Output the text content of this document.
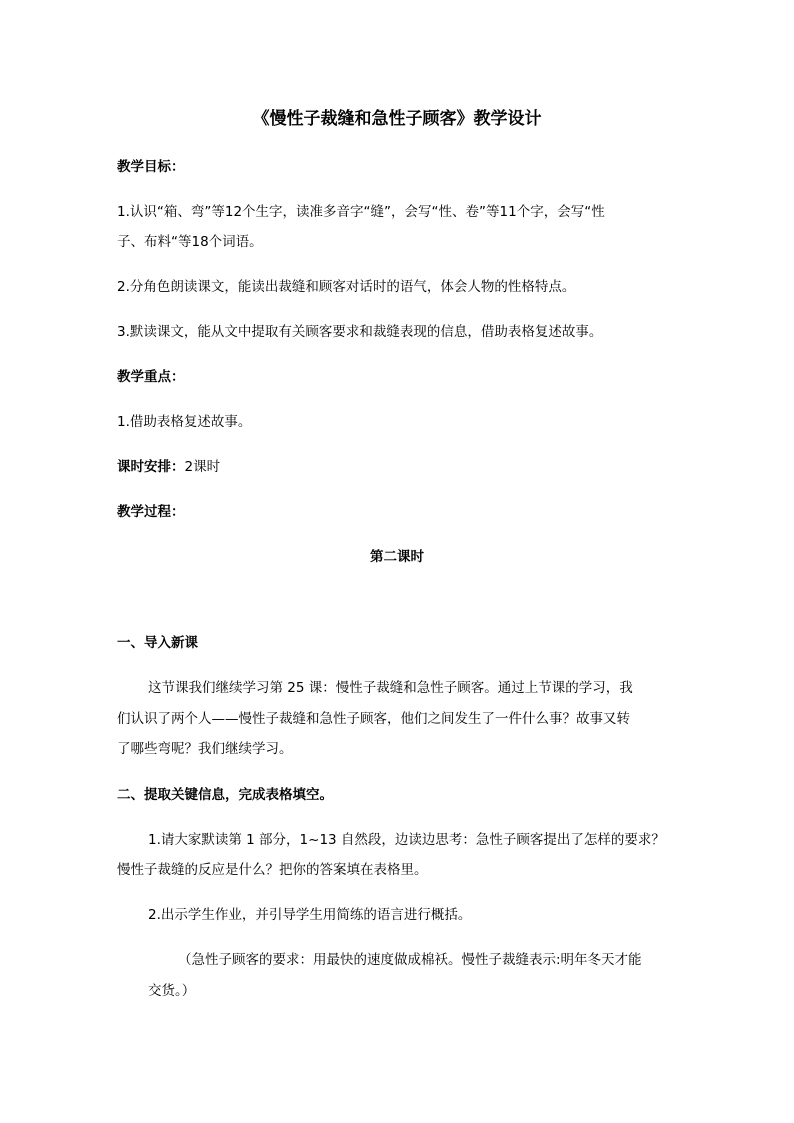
《慢性子裁缝和急性子顾客》教学设计
教学目标：
1.认识“箱、弯”等12个生字，读准多音字“缝”，会写“性、卷”等11个字，会写“性
子、布料“等18个词语。
2.分角色朗读课文，能读出裁缝和顾客对话时的语气，体会人物的性格特点。
3.默读课文，能从文中提取有关顾客要求和裁缝表现的信息，借助表格复述故事。
教学重点：
1.借助表格复述故事。
课时安排：2课时
教学过程：
第二课时
一、导入新课
这节课我们继续学习第 25 课：慢性子裁缝和急性子顾客。通过上节课的学习，我
们认识了两个人——慢性子裁缝和急性子顾客，他们之间发生了一件什么事？故事又转
了哪些弯呢？我们继续学习。
二、提取关键信息，完成表格填空。
1.请大家默读第 1 部分，1~13 自然段，边读边思考：急性子顾客提出了怎样的要求？
慢性子裁缝的反应是什么？把你的答案填在表格里。
2.出示学生作业，并引导学生用简练的语言进行概括。
（急性子顾客的要求：用最快的速度做成棉袄。慢性子裁缝表示:明年冬天才能
交货。）
